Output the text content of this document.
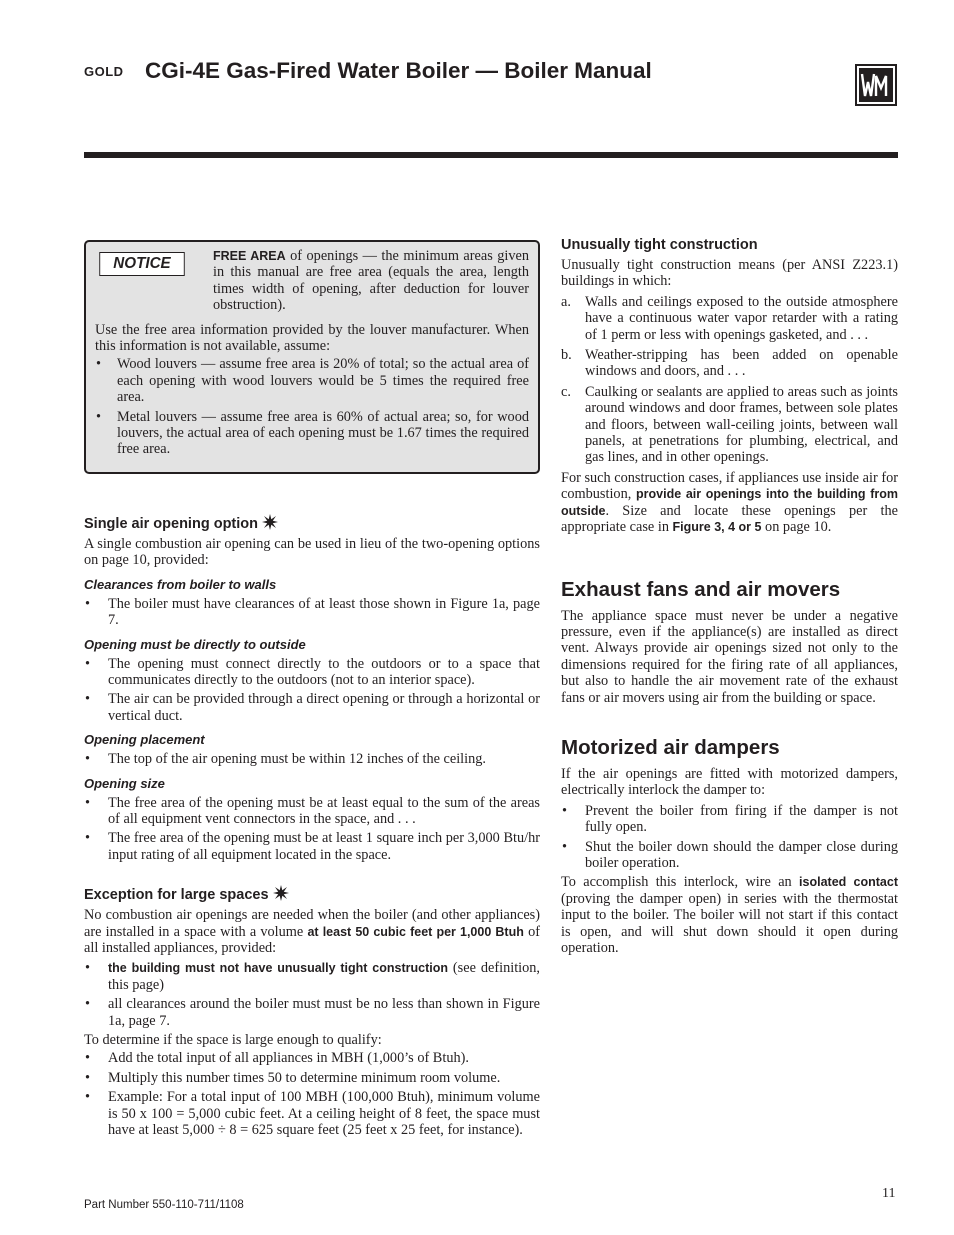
GOLD CGi-4E Gas-Fired Water Boiler — Boiler Manual
NOTICE	FREE AREA of openings — the minimum areas given in this manual are free area (equals the area, length times width of opening, after deduction for louver obstruction).

Use the free area information provided by the louver manufacturer. When this information is not available, assume:

• Wood louvers — assume free area is 20% of total; so the actual area of each opening with wood louvers would be 5 times the required free area.
• Metal louvers — assume free area is 60% of actual area; so, for wood louvers, the actual area of each opening must be 1.67 times the required free area.
Single air opening option

A single combustion air opening can be used in lieu of the two-opening options on page 10, provided:

Clearances from boiler to walls
• The boiler must have clearances of at least those shown in Figure 1a, page 7.
Opening must be directly to outside
• The opening must connect directly to the outdoors or to a space that communicates directly to the outdoors (not to an interior space).
• The air can be provided through a direct opening or through a horizontal or vertical duct.
Opening placement
• The top of the air opening must be within 12 inches of the ceiling.
Opening size
• The free area of the opening must be at least equal to the sum of the areas of all equipment vent connectors in the space, and . . .
• The free area of the opening must be at least 1 square inch per 3,000 Btu/hr input rating of all equipment located in the space.
Exception for large spaces

No combustion air openings are needed when the boiler (and other appliances) are installed in a space with a volume at least 50 cubic feet per 1,000 Btuh of all installed appliances, provided:

• the building must not have unusually tight construction (see definition, this page)
• all clearances around the boiler must must be no less than shown in Figure 1a, page 7.

To determine if the space is large enough to qualify:

• Add the total input of all appliances in MBH (1,000’s of Btuh).
• Multiply this number times 50 to determine minimum room volume.
• Example: For a total input of 100 MBH (100,000 Btuh), minimum volume is 50 x 100 = 5,000 cubic feet. At a ceiling height of 8 feet, the space must have at least 5,000 ÷ 8 = 625 square feet (25 feet x 25 feet, for instance).
Unusually tight construction

Unusually tight construction means (per ANSI Z223.1) buildings in which:

a. Walls and ceilings exposed to the outside atmosphere have a continuous water vapor retarder with a rating of 1 perm or less with openings gasketed, and . . .
b. Weather-stripping has been added on openable windows and doors, and . . .
c. Caulking or sealants are applied to areas such as joints around windows and door frames, between sole plates and floors, between wall-ceiling joints, between wall panels, at penetrations for plumbing, electrical, and gas lines, and in other openings.

For such construction cases, if appliances use inside air for combustion, provide air openings into the building from outside. Size and locate these openings per the appropriate case in Figure 3, 4 or 5 on page 10.

Exhaust fans and air movers

The appliance space must never be under a negative pressure, even if the appliance(s) are installed as direct vent. Always provide air openings sized not only to the dimensions required for the firing rate of all appliances, but also to handle the air movement rate of the exhaust fans or air movers using air from the building or space.

Motorized air dampers

If the air openings are fitted with motorized dampers, electrically interlock the damper to:

• Prevent the boiler from firing if the damper is not fully open.
• Shut the boiler down should the damper close during boiler operation.

To accomplish this interlock, wire an isolated contact (proving the damper open) in series with the thermostat input to the boiler. The boiler will not start if this contact is open, and will shut down should it open during operation.

Part Number 550-110-711/1108
11
